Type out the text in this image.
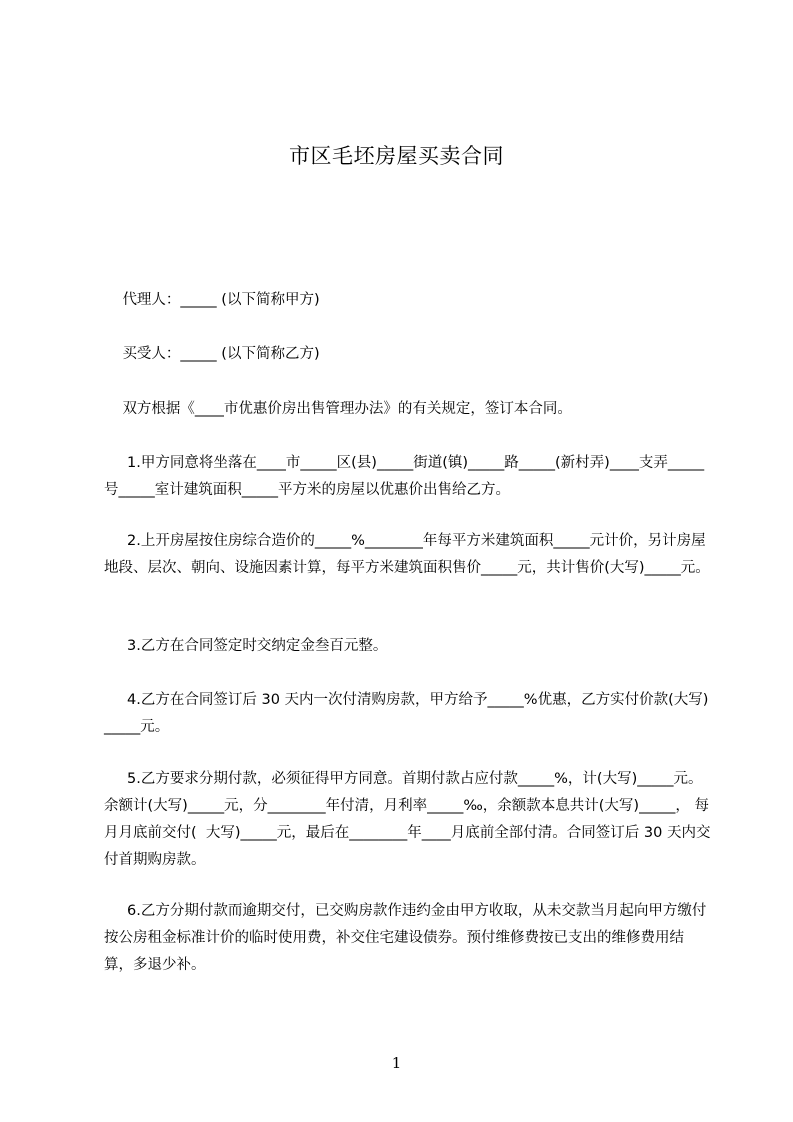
市区毛坯房屋买卖合同
代理人：_____ (以下简称甲方)
买受人：_____ (以下简称乙方)
双方根据《____市优惠价房出售管理办法》的有关规定，签订本合同。
1.甲方同意将坐落在____市_____区(县)_____街道(镇)_____路_____(新村弄)____支弄_____号_____室计建筑面积_____平方米的房屋以优惠价出售给乙方。
2.上开房屋按住房综合造价的_____%________年每平方米建筑面积_____元计价，另计房屋地段、层次、朝向、设施因素计算，每平方米建筑面积售价_____元，共计售价(大写)_____元。
3.乙方在合同签定时交纳定金叁百元整。
4.乙方在合同签订后 30 天内一次付清购房款，甲方给予_____%优惠，乙方实付价款(大写)_____元。
5.乙方要求分期付款，必须征得甲方同意。首期付款占应付款_____%，计(大写)_____元。余额计(大写)_____元，分________年付清，月利率_____‰，余额款本息共计(大写)_____， 每月月底前交付(  大写)_____元，最后在________年____月底前全部付清。合同签订后 30 天内交付首期购房款。
6.乙方分期付款而逾期交付，已交购房款作违约金由甲方收取，从未交款当月起向甲方缴付按公房租金标准计价的临时使用费，补交住宅建设债券。预付维修费按已支出的维修费用结算，多退少补。
1
